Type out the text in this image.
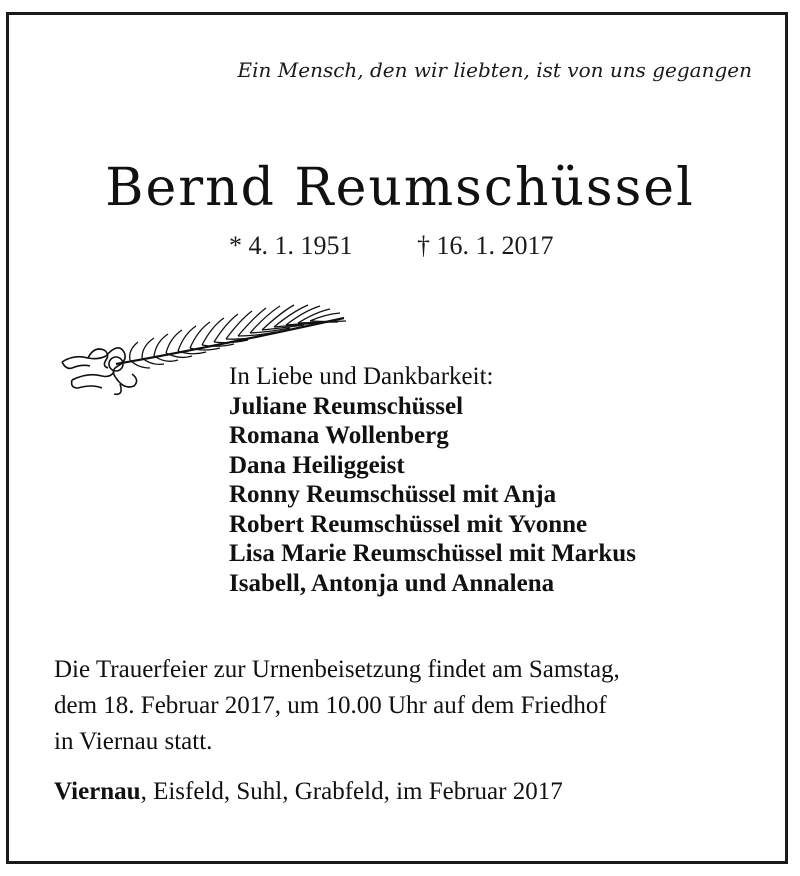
Ein Mensch, den wir liebten, ist von uns gegangen
Bernd Reumschüssel
* 4. 1. 1951 † 16. 1. 2017
In Liebe und Dankbarkeit:
Juliane Reumschüssel
Romana Wollenberg
Dana Heiliggeist
Ronny Reumschüssel mit Anja
Robert Reumschüssel mit Yvonne
Lisa Marie Reumschüssel mit Markus
Isabell, Antonja und Annalena
Die Trauerfeier zur Urnenbeisetzung findet am Samstag,
dem 18. Februar 2017, um 10.00 Uhr auf dem Friedhof
in Viernau statt.
Viernau, Eisfeld, Suhl, Grabfeld, im Februar 2017
